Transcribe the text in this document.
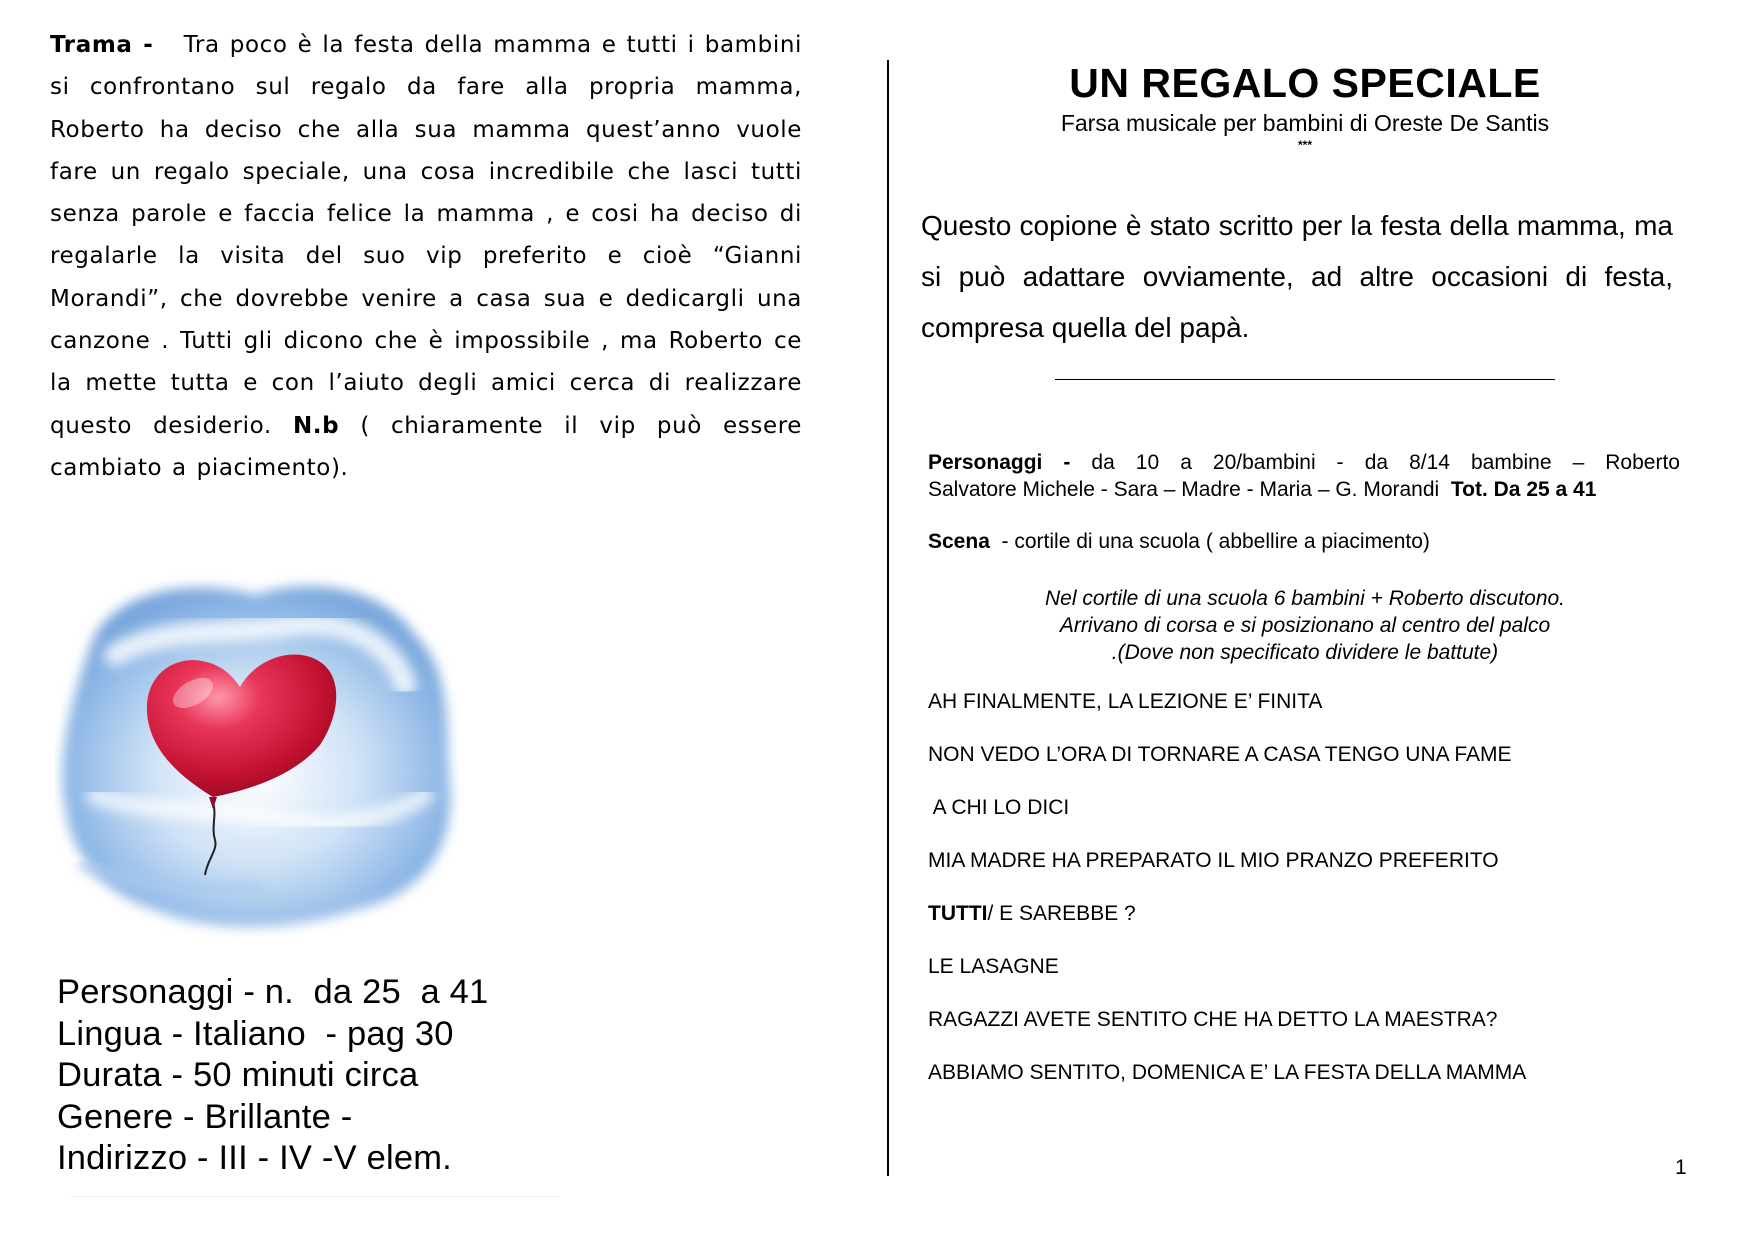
Trama - Tra poco è la festa della mamma e tutti i bambini si confrontano sul regalo da fare alla propria mamma, Roberto ha deciso che alla sua mamma quest’anno vuole fare un regalo speciale, una cosa incredibile che lasci tutti senza parole e faccia felice la mamma , e cosi ha deciso di regalarle la visita del suo vip preferito e cioè “Gianni Morandi”, che dovrebbe venire a casa sua e dedicargli una canzone . Tutti gli dicono che è impossibile , ma Roberto ce la mette tutta e con l’aiuto degli amici cerca di realizzare questo desiderio. N.b ( chiaramente il vip può essere cambiato a piacimento).

Personaggi - n.  da 25  a 41
Lingua - Italiano  - pag 30
Durata - 50 minuti circa
Genere - Brillante -
Indirizzo - III - IV -V elem.
UN REGALO SPECIALE
Farsa musicale per bambini di Oreste De Santis
***

Questo copione è stato scritto per la festa della mamma, ma si può adattare ovviamente, ad altre occasioni di festa, compresa quella del papà.

Personaggi - da 10 a 20/bambini - da 8/14 bambine – Roberto
Salvatore Michele - Sara – Madre - Maria – G. Morandi Tot. Da 25 a 41
Scena - cortile di una scuola ( abbellire a piacimento)
Nel cortile di una scuola 6 bambini + Roberto discutono.
Arrivano di corsa e si posizionano al centro del palco
.(Dove non specificato dividere le battute)
AH FINALMENTE, LA LEZIONE E’ FINITA
NON VEDO L’ORA DI TORNARE A CASA TENGO UNA FAME
A CHI LO DICI
MIA MADRE HA PREPARATO IL MIO PRANZO PREFERITO
TUTTI/ E SAREBBE ?
LE LASAGNE
RAGAZZI AVETE SENTITO CHE HA DETTO LA MAESTRA?
ABBIAMO SENTITO, DOMENICA E’ LA FESTA DELLA MAMMA
1
